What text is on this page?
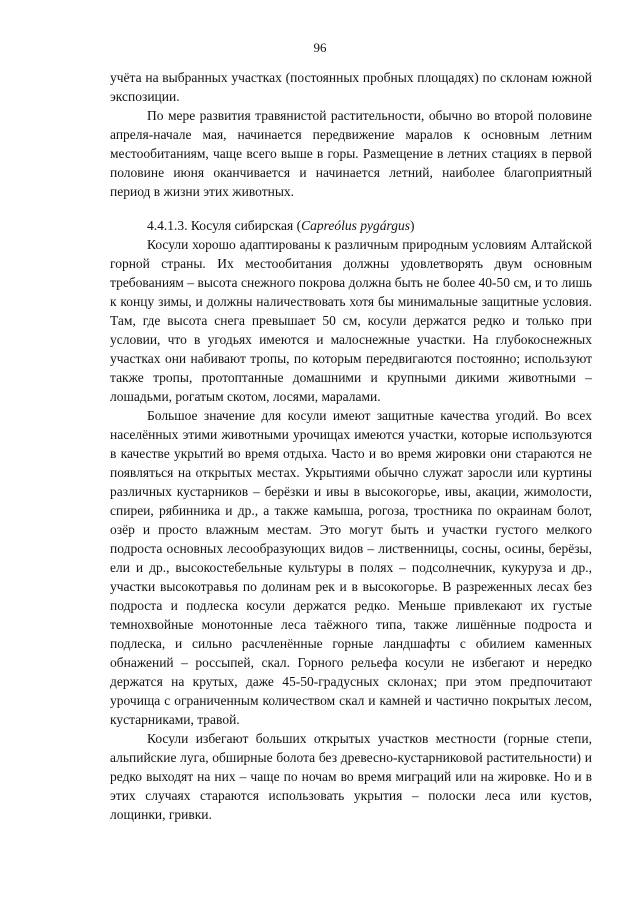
96

учёта на выбранных участках (постоянных пробных площадях) по склонам южной экспозиции.

По мере развития травянистой растительности, обычно во второй половине апреля-начале мая, начинается передвижение маралов к основным летним местообитаниям, чаще всего выше в горы. Размещение в летних стациях в первой половине июня оканчивается и начинается летний, наиболее благоприятный период в жизни этих животных.

4.4.1.3. Косуля сибирская (Capreólus pygárgus)

Косули хорошо адаптированы к различным природным условиям Алтайской горной страны. Их местообитания должны удовлетворять двум основным требованиям – высота снежного покрова должна быть не более 40-50 см, и то лишь к концу зимы, и должны наличествовать хотя бы минимальные защитные условия. Там, где высота снега превышает 50 см, косули держатся редко и только при условии, что в угодьях имеются и малоснежные участки. На глубокоснежных участках они набивают тропы, по которым передвигаются постоянно; используют также тропы, протоптанные домашними и крупными дикими животными – лошадьми, рогатым скотом, лосями, маралами.

Большое значение для косули имеют защитные качества угодий. Во всех населённых этими животными урочищах имеются участки, которые используются в качестве укрытий во время отдыха. Часто и во время жировки они стараются не появляться на открытых местах. Укрытиями обычно служат заросли или куртины различных кустарников – берёзки и ивы в высокогорье, ивы, акации, жимолости, спиреи, рябинника и др., а также камыша, рогоза, тростника по окраинам болот, озёр и просто влажным местам. Это могут быть и участки густого мелкого подроста основных лесообразующих видов – лиственницы, сосны, осины, берёзы, ели и др., высокостебельные культуры в полях – подсолнечник, кукуруза и др., участки высокотравья по долинам рек и в высокогорье. В разреженных лесах без подроста и подлеска косули держатся редко. Меньше привлекают их густые темнохвойные монотонные леса таёжного типа, также лишённые подроста и подлеска, и сильно расчленённые горные ландшафты с обилием каменных обнажений – россыпей, скал. Горного рельефа косули не избегают и нередко держатся на крутых, даже 45-50-градусных склонах; при этом предпочитают урочища с ограниченным количеством скал и камней и частично покрытых лесом, кустарниками, травой.

Косули избегают больших открытых участков местности (горные степи, альпийские луга, обширные болота без древесно-кустарниковой растительности) и редко выходят на них – чаще по ночам во время миграций или на жировке. Но и в этих случаях стараются использовать укрытия – полоски леса или кустов, лощинки, гривки.
